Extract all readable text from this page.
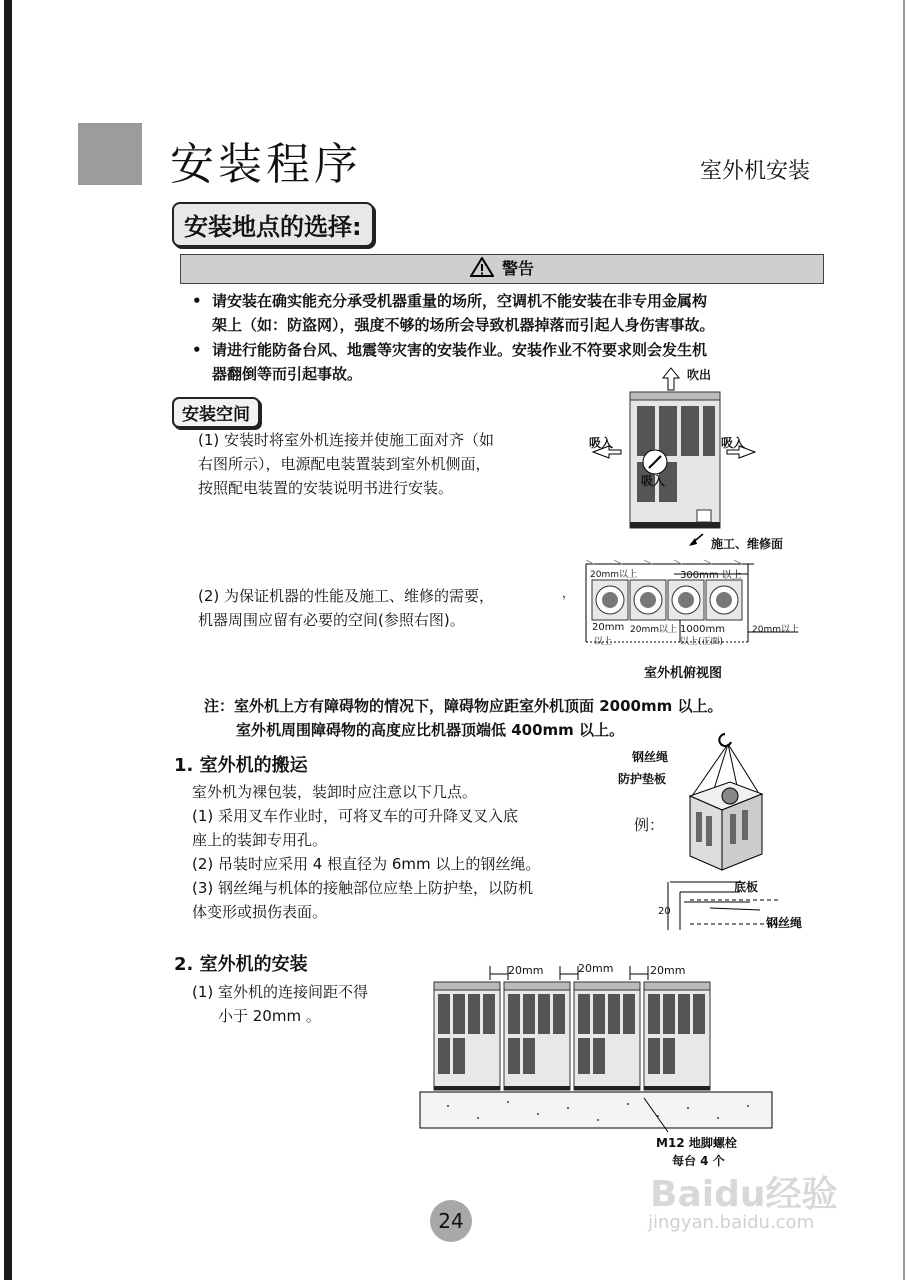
安装程序	室外机安装
安装地点的选择:
警告
• 请安装在确实能充分承受机器重量的场所，空调机不能安装在非专用金属构
架上（如：防盗网），强度不够的场所会导致机器掉落而引起人身伤害事故。
• 请进行能防备台风、地震等灾害的安装作业。安装作业不符要求则会发生机
器翻倒等而引起事故。
安装空间
(1) 安装时将室外机连接并使施工面对齐（如
右图所示），电源配电装置装到室外机侧面，
按照配电装置的安装说明书进行安装。
(2) 为保证机器的性能及施工、维修的需要，
机器周围应留有必要的空间(参照右图)。
吹出
吸入	吸入
吸入
施工、维修面
，
20mm以上	300mm 以上
20mm
以上
20mm以上 1000mm
以上(正面)
20mm以上
室外机俯视图
注：室外机上方有障碍物的情况下，障碍物应距室外机顶面 2000mm 以上。
室外机周围障碍物的高度应比机器顶端低 400mm 以上。
1. 室外机的搬运
室外机为裸包装，装卸时应注意以下几点。
(1) 采用叉车作业时，可将叉车的可升降叉叉入底
座上的装卸专用孔。
(2) 吊装时应采用 4 根直径为 6mm 以上的钢丝绳。
(3) 钢丝绳与机体的接触部位应垫上防护垫，以防机
体变形或损伤表面。
钢丝绳
防护垫板
例：
底板
钢丝绳
20
2. 室外机的安装
(1) 室外机的连接间距不得
小于 20mm 。
20mm	20mm	20mm
M12 地脚螺栓
每台 4 个
24
Baidu经验
jingyan.baidu.com
